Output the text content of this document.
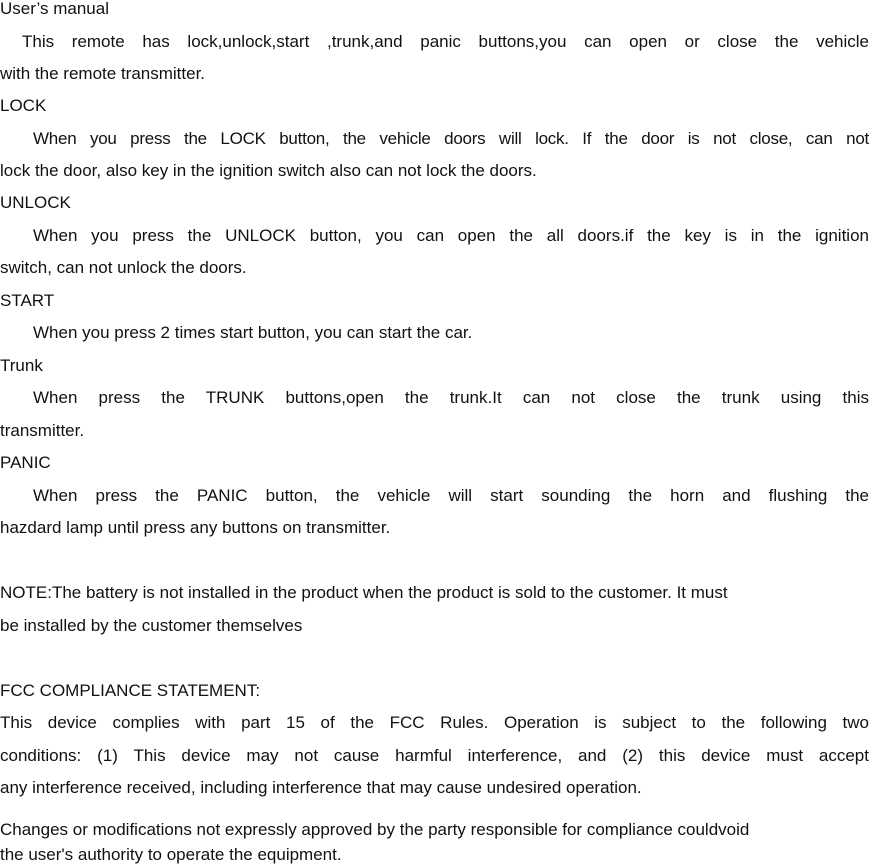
User’s manual
This remote has lock,unlock,start ,trunk,and panic buttons,you can open or close the vehicle
with the remote transmitter.
LOCK
When you press the LOCK button, the vehicle doors will lock. If the door is not close, can not
lock the door, also key in the ignition switch also can not lock the doors.
UNLOCK
When you press the UNLOCK button, you can open the all doors.if the key is in the ignition
switch, can not unlock the doors.
START
When you press 2 times start button, you can start the car.
Trunk
When press the TRUNK buttons,open the trunk.It can not close the trunk using this
transmitter.
PANIC
When press the PANIC button, the vehicle will start sounding the horn and flushing the
hazdard lamp until press any buttons on transmitter.
NOTE:The battery is not installed in the product when the product is sold to the customer. It must
be installed by the customer themselves
FCC COMPLIANCE STATEMENT:
This device complies with part 15 of the FCC Rules. Operation is subject to the following two
conditions: (1) This device may not cause harmful interference, and (2) this device must accept
any interference received, including interference that may cause undesired operation.
Changes or modifications not expressly approved by the party responsible for compliance couldvoid
the user's authority to operate the equipment.
